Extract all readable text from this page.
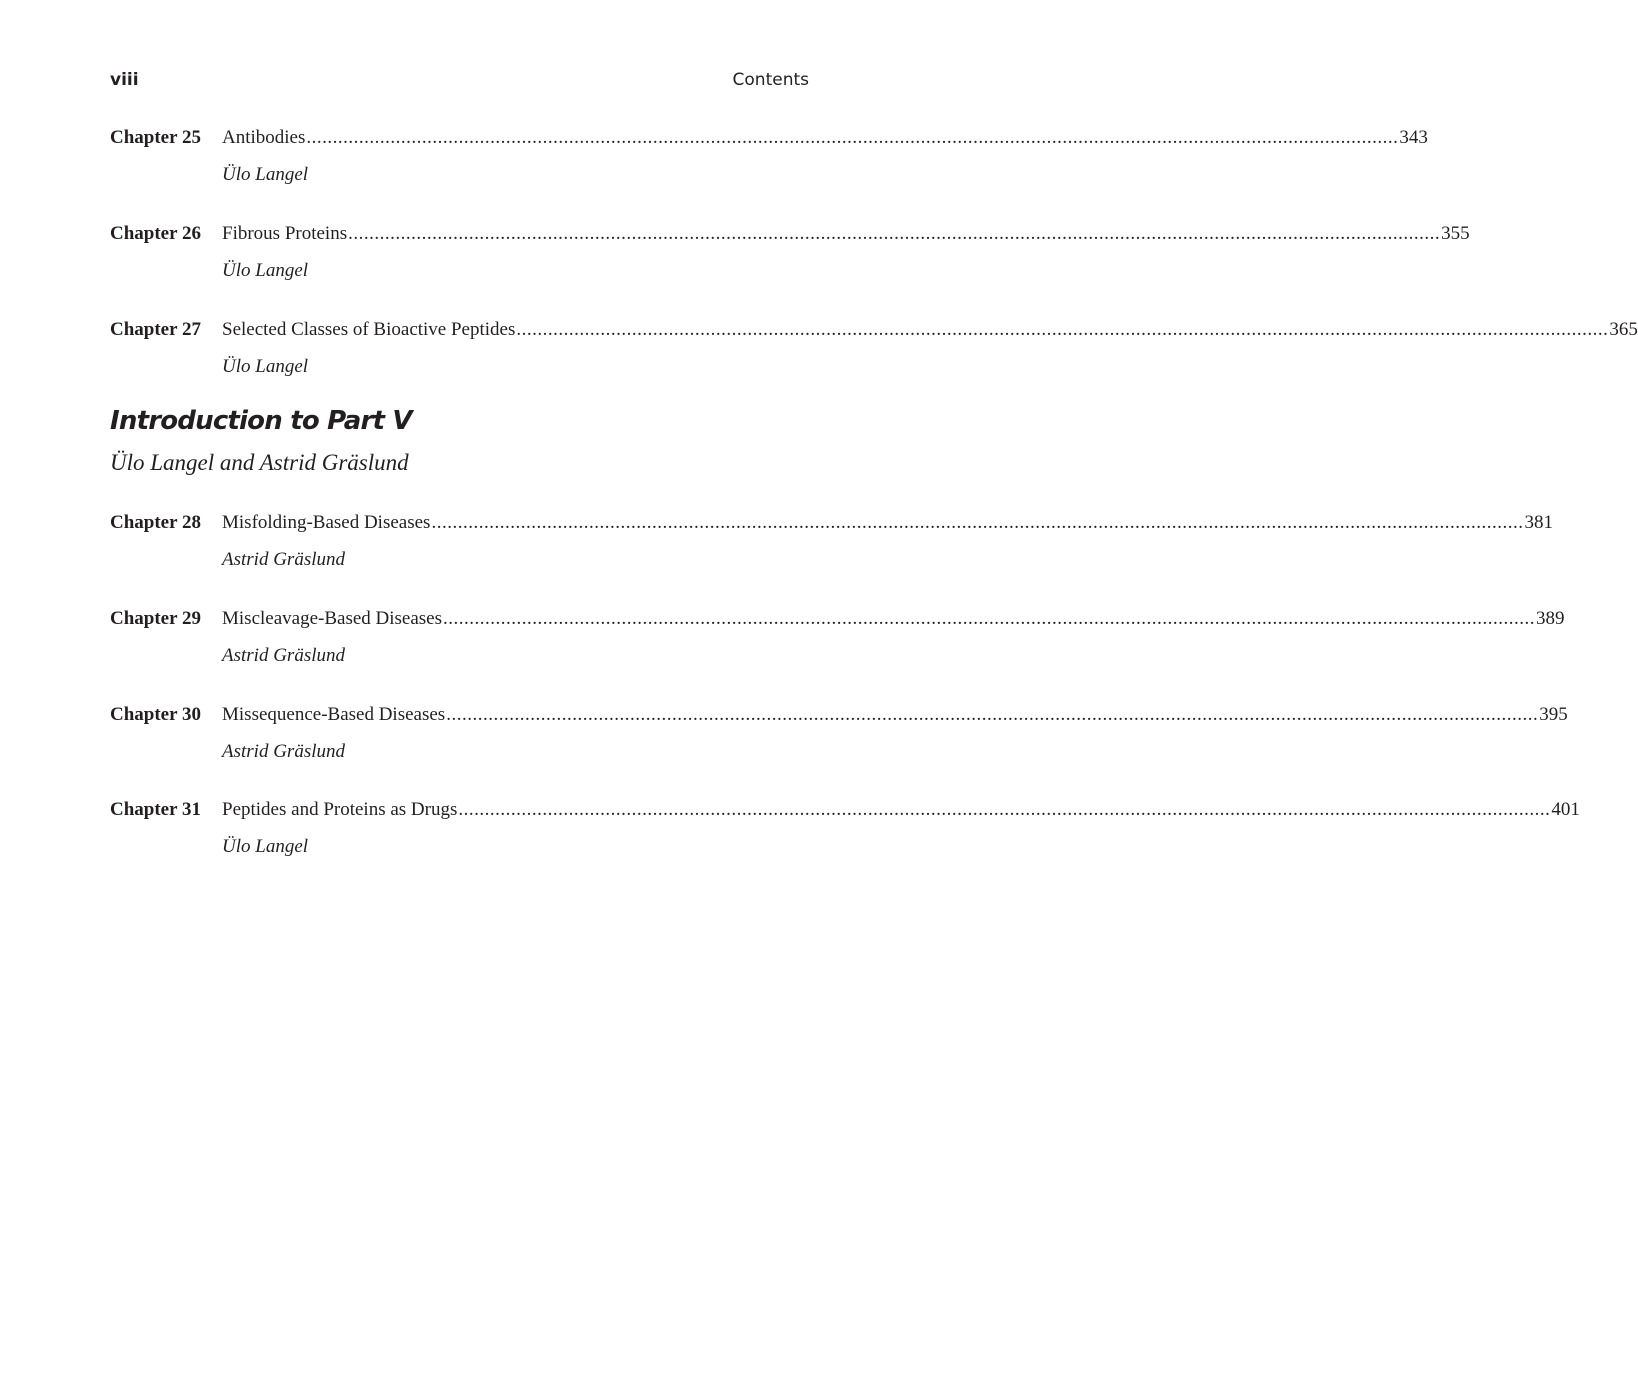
viii	Contents
Chapter 25 Antibodies ................................................................................................................................................................................................................ 343
Ülo Langel
Chapter 26 Fibrous Proteins ................................................................................................................................................................................................................ 355
Ülo Langel
Chapter 27 Selected Classes of Bioactive Peptides ................................................................................................................................................................................................................ 365
Ülo Langel
Introduction to Part V
Ülo Langel and Astrid Gräslund
Chapter 28 Misfolding-Based Diseases ................................................................................................................................................................................................................ 381
Astrid Gräslund
Chapter 29 Miscleavage-Based Diseases ................................................................................................................................................................................................................ 389
Astrid Gräslund
Chapter 30 Missequence-Based Diseases ................................................................................................................................................................................................................ 395
Astrid Gräslund
Chapter 31 Peptides and Proteins as Drugs ................................................................................................................................................................................................................ 401
Ülo Langel
